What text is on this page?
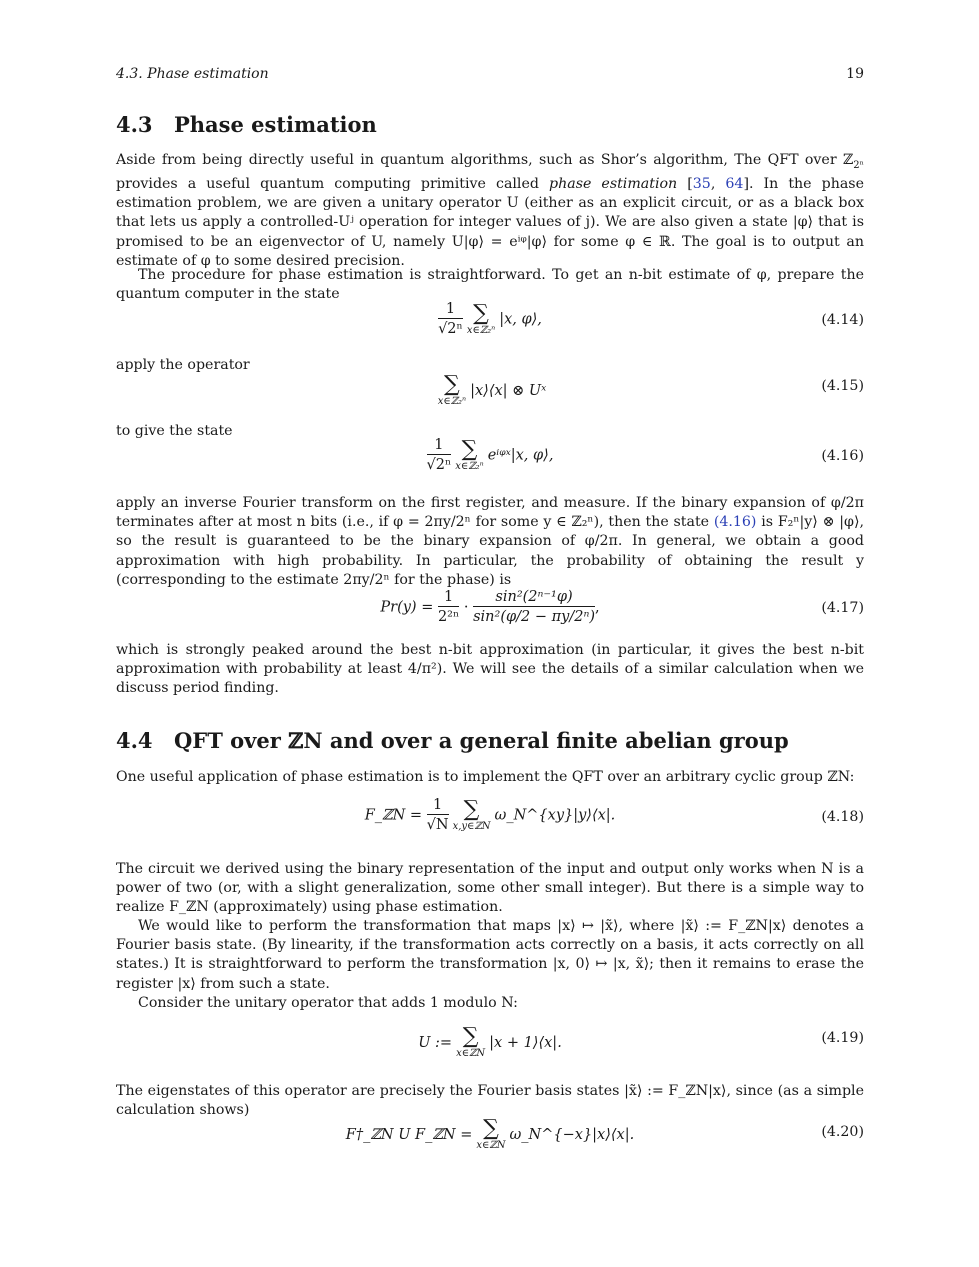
4.3. Phase estimation	19
4.3 Phase estimation

Aside from being directly useful in quantum algorithms, such as Shor’s algorithm, The QFT over ℤ$_{2^n}$ provides a useful quantum computing primitive called phase estimation [35, 64]. In the phase estimation problem, we are given a unitary operator U (either as an explicit circuit, or as a black box that lets us apply a controlled-Uʲ operation for integer values of j). We are also given a state |φ⟩ that is promised to be an eigenvector of U, namely U|φ⟩ = eⁱᵠ|φ⟩ for some φ ∈ ℝ. The goal is to output an estimate of φ to some desired precision.

The procedure for phase estimation is straightforward. To get an n-bit estimate of φ, prepare the quantum computer in the state

$\frac{1}{\text{√2ⁿ}}$ ∑
x∈ℤ₂ⁿ
|x, φ⟩,	(4.14)

apply the operator

∑
x∈ℤ₂ⁿ
|x⟩⟨x| ⊗ Uˣ	(4.15)

to give the state

$\frac{1}{\text{√2ⁿ}}$ ∑
x∈ℤ₂ⁿ
eⁱᵠˣ|x, φ⟩,	(4.16)

apply an inverse Fourier transform on the first register, and measure. If the binary expansion of φ/2π terminates after at most n bits (i.e., if φ = 2πy/2ⁿ for some y ∈ ℤ₂ⁿ), then the state (4.16) is F₂ⁿ|y⟩ ⊗ |φ⟩, so the result is guaranteed to be the binary expansion of φ/2π. In general, we obtain a good approximation with high probability. In particular, the probability of obtaining the result y (corresponding to the estimate 2πy/2ⁿ for the phase) is

$Pr(y) = \frac{1}{\text{2²ⁿ}} \cdot \frac{\text{sin²(2ⁿ⁻¹φ)}}{\text{sin²(φ/2 − πy/2ⁿ)}}$ ,	(4.17)

which is strongly peaked around the best n-bit approximation (in particular, it gives the best n-bit approximation with probability at least 4/π²). We will see the details of a similar calculation when we discuss period finding.

4.4 QFT over ℤN and over a general finite abelian group

One useful application of phase estimation is to implement the QFT over an arbitrary cyclic group ℤN:

F_ℤN = $\frac{1}{√N}$ ∑
x,y∈ℤN
ω_N^{xy}|y⟩⟨x|.	(4.18)

The circuit we derived using the binary representation of the input and output only works when N is a power of two (or, with a slight generalization, some other small integer). But there is a simple way to realize F_ℤN (approximately) using phase estimation.

We would like to perform the transformation that maps |x⟩ ↦ |x̃⟩, where |x̃⟩ := F_ℤN|x⟩ denotes a Fourier basis state. (By linearity, if the transformation acts correctly on a basis, it acts correctly on all states.) It is straightforward to perform the transformation |x, 0⟩ ↦ |x, x̃⟩; then it remains to erase the register |x⟩ from such a state.

Consider the unitary operator that adds 1 modulo N:

U := ∑
x∈ℤN
|x + 1⟩⟨x|.	(4.19)

The eigenstates of this operator are precisely the Fourier basis states |x̃⟩ := F_ℤN|x⟩, since (as a simple calculation shows)

F†_ℤN U F_ℤN = ∑
x∈ℤN
ω_N^{−x}|x⟩⟨x|.	(4.20)
